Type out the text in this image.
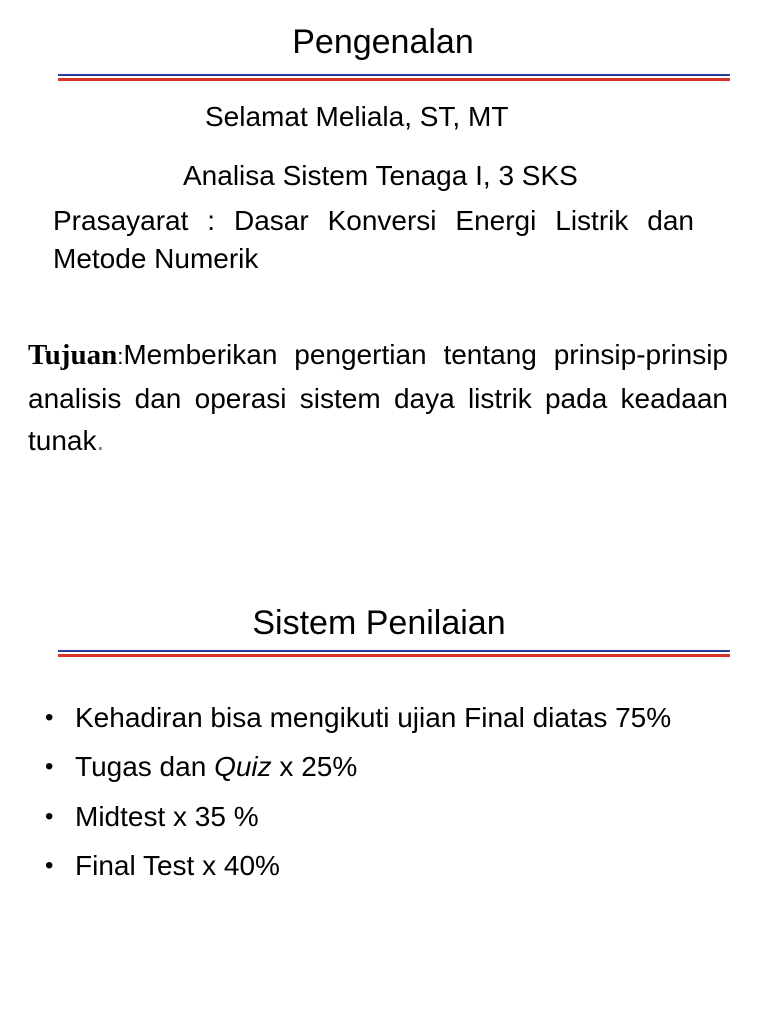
Pengenalan
Selamat Meliala, ST, MT
Analisa Sistem Tenaga I, 3 SKS
Prasayarat : Dasar Konversi Energi Listrik dan Metode Numerik
Tujuan:Memberikan pengertian tentang prinsip-prinsip analisis dan operasi sistem daya listrik pada keadaan tunak.
Sistem Penilaian
• Kehadiran bisa mengikuti ujian Final diatas 75%
• Tugas dan Quiz x 25%
• Midtest x 35 %
• Final Test x 40%
